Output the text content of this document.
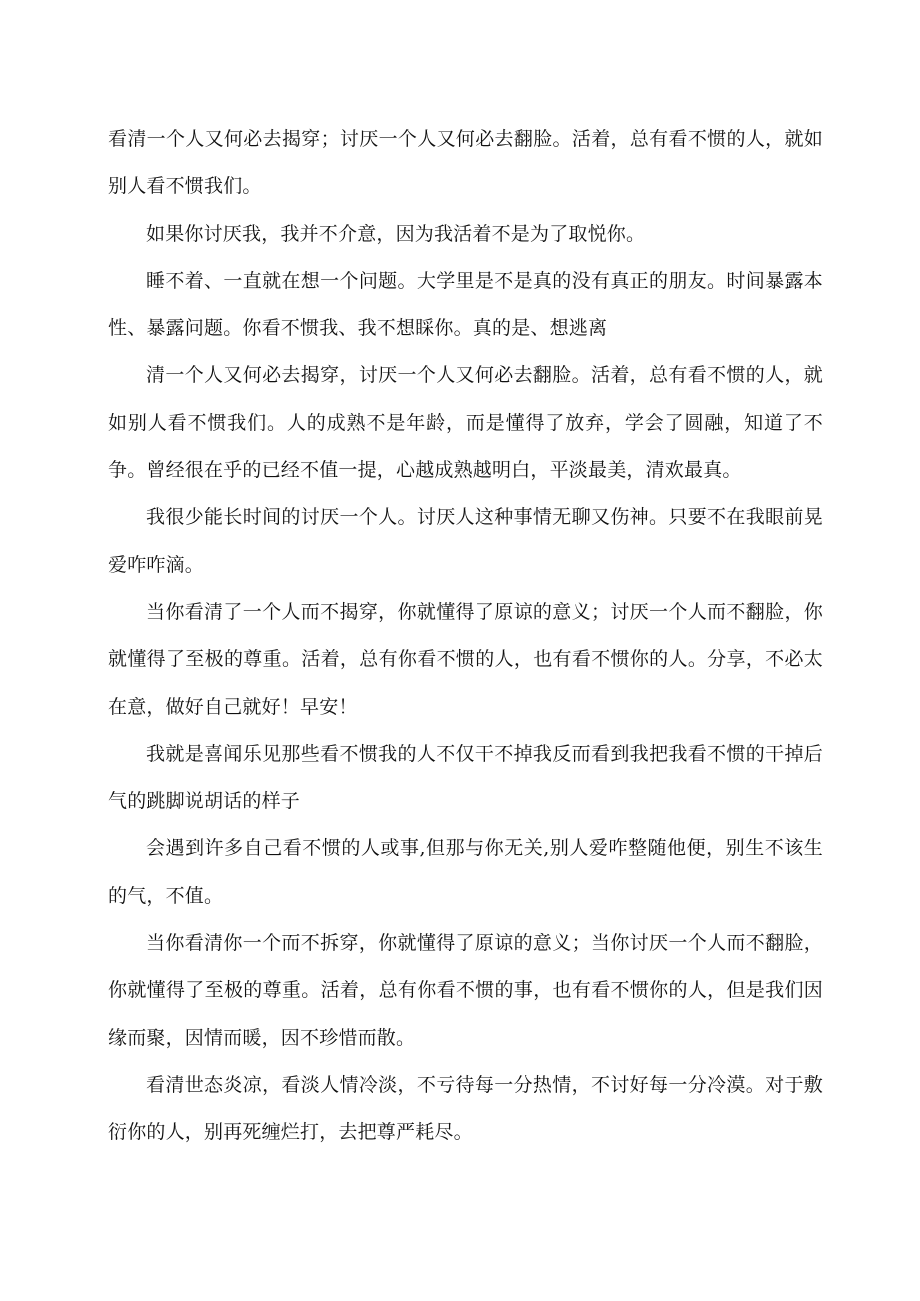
看清一个人又何必去揭穿；讨厌一个人又何必去翻脸。活着，总有看不惯的人，就如别人看不惯我们。

如果你讨厌我，我并不介意，因为我活着不是为了取悦你。

睡不着、一直就在想一个问题。大学里是不是真的没有真正的朋友。时间暴露本性、暴露问题。你看不惯我、我不想睬你。真的是、想逃离

清一个人又何必去揭穿，讨厌一个人又何必去翻脸。活着，总有看不惯的人，就如别人看不惯我们。人的成熟不是年龄，而是懂得了放弃，学会了圆融，知道了不争。曾经很在乎的已经不值一提，心越成熟越明白，平淡最美，清欢最真。

我很少能长时间的讨厌一个人。讨厌人这种事情无聊又伤神。只要不在我眼前晃爱咋咋滴。

当你看清了一个人而不揭穿，你就懂得了原谅的意义；讨厌一个人而不翻脸，你就懂得了至极的尊重。活着，总有你看不惯的人，也有看不惯你的人。分享，不必太在意，做好自己就好！早安！

我就是喜闻乐见那些看不惯我的人不仅干不掉我反而看到我把我看不惯的干掉后气的跳脚说胡话的样子

会遇到许多自己看不惯的人或事,但那与你无关,别人爱咋整随他便，别生不该生的气，不值。

当你看清你一个而不拆穿，你就懂得了原谅的意义；当你讨厌一个人而不翻脸，你就懂得了至极的尊重。活着，总有你看不惯的事，也有看不惯你的人，但是我们因缘而聚，因情而暖，因不珍惜而散。

看清世态炎凉，看淡人情冷淡，不亏待每一分热情，不讨好每一分冷漠。对于敷衍你的人，别再死缠烂打，去把尊严耗尽。
